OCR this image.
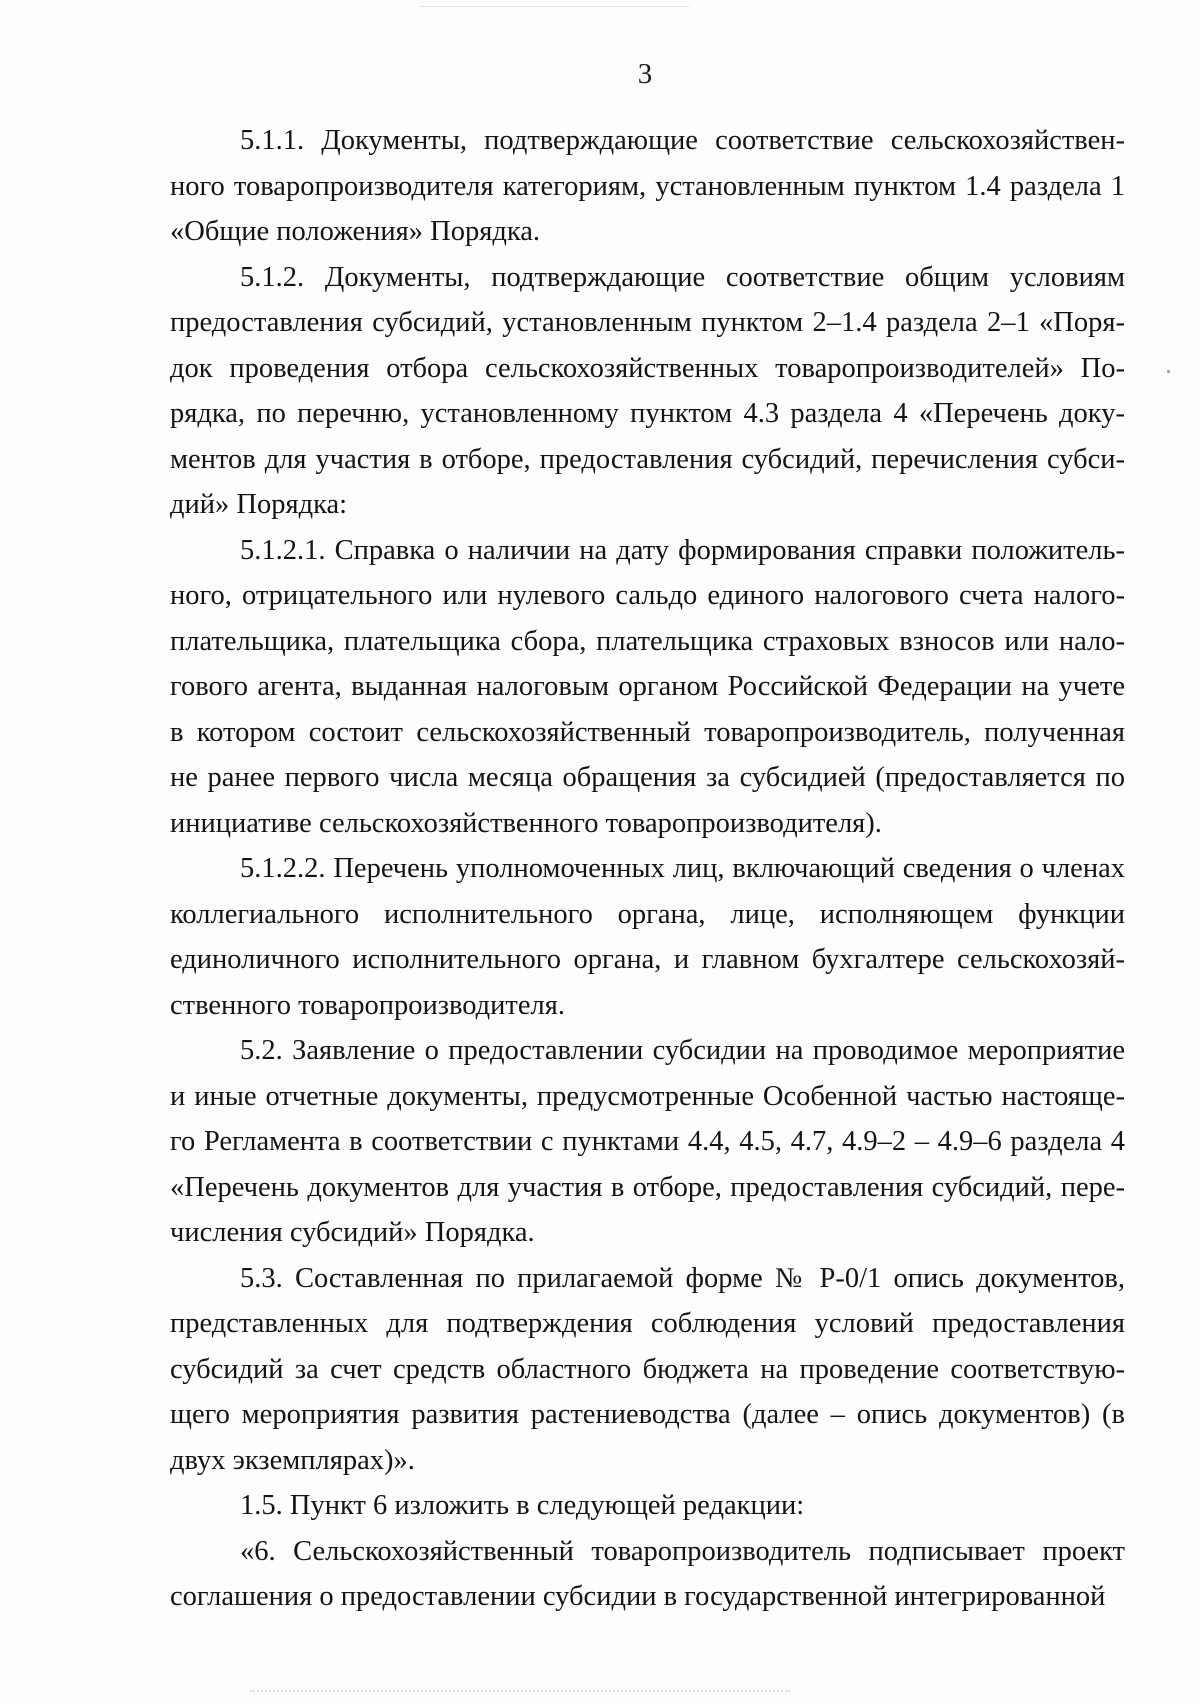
3

5.1.1. Документы, подтверждающие соответствие сельскохозяйственного товаропроизводителя категориям, установленным пунктом 1.4 раздела 1 «Общие положения» Порядка.

5.1.2. Документы, подтверждающие соответствие общим условиям предоставления субсидий, установленным пунктом 2–1.4 раздела 2–1 «Порядок проведения отбора сельскохозяйственных товаропроизводителей» Порядка, по перечню, установленному пунктом 4.3 раздела 4 «Перечень документов для участия в отборе, предоставления субсидий, перечисления субсидий» Порядка:

5.1.2.1. Справка о наличии на дату формирования справки положительного, отрицательного или нулевого сальдо единого налогового счета налогоплательщика, плательщика сбора, плательщика страховых взносов или налогового агента, выданная налоговым органом Российской Федерации на учете в котором состоит сельскохозяйственный товаропроизводитель, полученная не ранее первого числа месяца обращения за субсидией (предоставляется по инициативе сельскохозяйственного товаропроизводителя).

5.1.2.2. Перечень уполномоченных лиц, включающий сведения о членах коллегиального исполнительного органа, лице, исполняющем функции единоличного исполнительного органа, и главном бухгалтере сельскохозяйственного товаропроизводителя.

5.2. Заявление о предоставлении субсидии на проводимое мероприятие и иные отчетные документы, предусмотренные Особенной частью настоящего Регламента в соответствии с пунктами 4.4, 4.5, 4.7, 4.9–2 – 4.9–6 раздела 4 «Перечень документов для участия в отборе, предоставления субсидий, перечисления субсидий» Порядка.

5.3. Составленная по прилагаемой форме № Р-0/1 опись документов, представленных для подтверждения соблюдения условий предоставления субсидий за счет средств областного бюджета на проведение соответствующего мероприятия развития растениеводства (далее – опись документов) (в двух экземплярах)».

1.5. Пункт 6 изложить в следующей редакции:

«6. Сельскохозяйственный товаропроизводитель подписывает проект соглашения о предоставлении субсидии в государственной интегрированной
